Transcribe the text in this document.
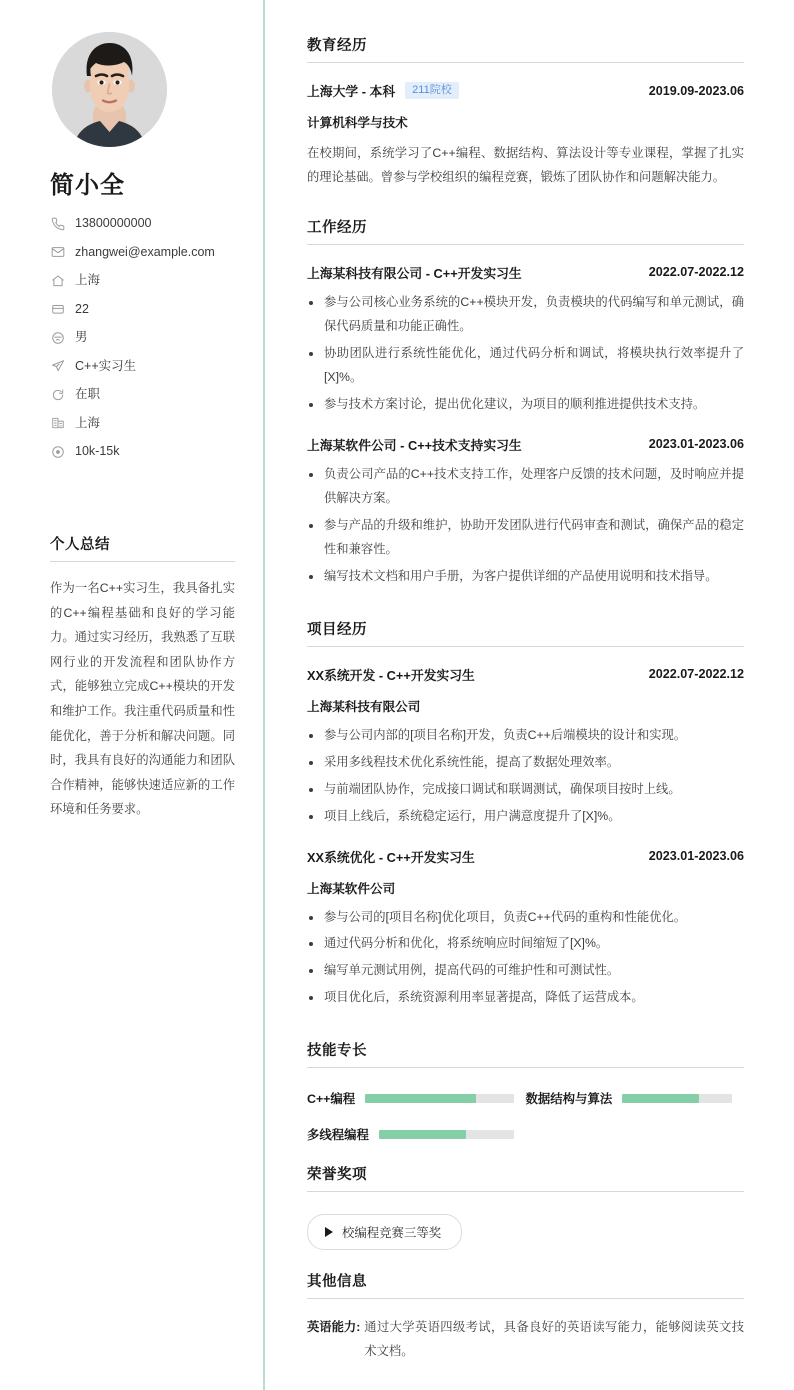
简小全
13800000000
zhangwei@example.com
上海
22
男
C++实习生
在职
上海
10k-15k
个人总结

作为一名C++实习生，我具备扎实的C++编程基础和良好的学习能力。通过实习经历，我熟悉了互联网行业的开发流程和团队协作方式，能够独立完成C++模块的开发和维护工作。我注重代码质量和性能优化，善于分析和解决问题。同时，我具有良好的沟通能力和团队合作精神，能够快速适应新的工作环境和任务要求。

教育经历
上海大学 - 本科	211院校	2019.09-2023.06
计算机科学与技术

在校期间，系统学习了C++编程、数据结构、算法设计等专业课程，掌握了扎实的理论基础。曾参与学校组织的编程竞赛，锻炼了团队协作和问题解决能力。

工作经历
上海某科技有限公司 - C++开发实习生	2022.07-2022.12
参与公司核心业务系统的C++模块开发，负责模块的代码编写和单元测试，确保代码质量和功能正确性。
协助团队进行系统性能优化，通过代码分析和调试，将模块执行效率提升了[X]%。
参与技术方案讨论，提出优化建议，为项目的顺利推进提供技术支持。
上海某软件公司 - C++技术支持实习生	2023.01-2023.06
负责公司产品的C++技术支持工作，处理客户反馈的技术问题，及时响应并提供解决方案。
参与产品的升级和维护，协助开发团队进行代码审查和测试，确保产品的稳定性和兼容性。
编写技术文档和用户手册，为客户提供详细的产品使用说明和技术指导。
项目经历
XX系统开发 - C++开发实习生	2022.07-2022.12
上海某科技有限公司
参与公司内部的[项目名称]开发，负责C++后端模块的设计和实现。
采用多线程技术优化系统性能，提高了数据处理效率。
与前端团队协作，完成接口调试和联调测试，确保项目按时上线。
项目上线后，系统稳定运行，用户满意度提升了[X]%。
XX系统优化 - C++开发实习生	2023.01-2023.06
上海某软件公司
参与公司的[项目名称]优化项目，负责C++代码的重构和性能优化。
通过代码分析和优化，将系统响应时间缩短了[X]%。
编写单元测试用例，提高代码的可维护性和可测试性。
项目优化后，系统资源利用率显著提高，降低了运营成本。
技能专长
C++编程	数据结构与算法
多线程编程
荣誉奖项
校编程竞赛三等奖
其他信息
英语能力: 通过大学英语四级考试，具备良好的英语读写能力，能够阅读英文技术文档。
